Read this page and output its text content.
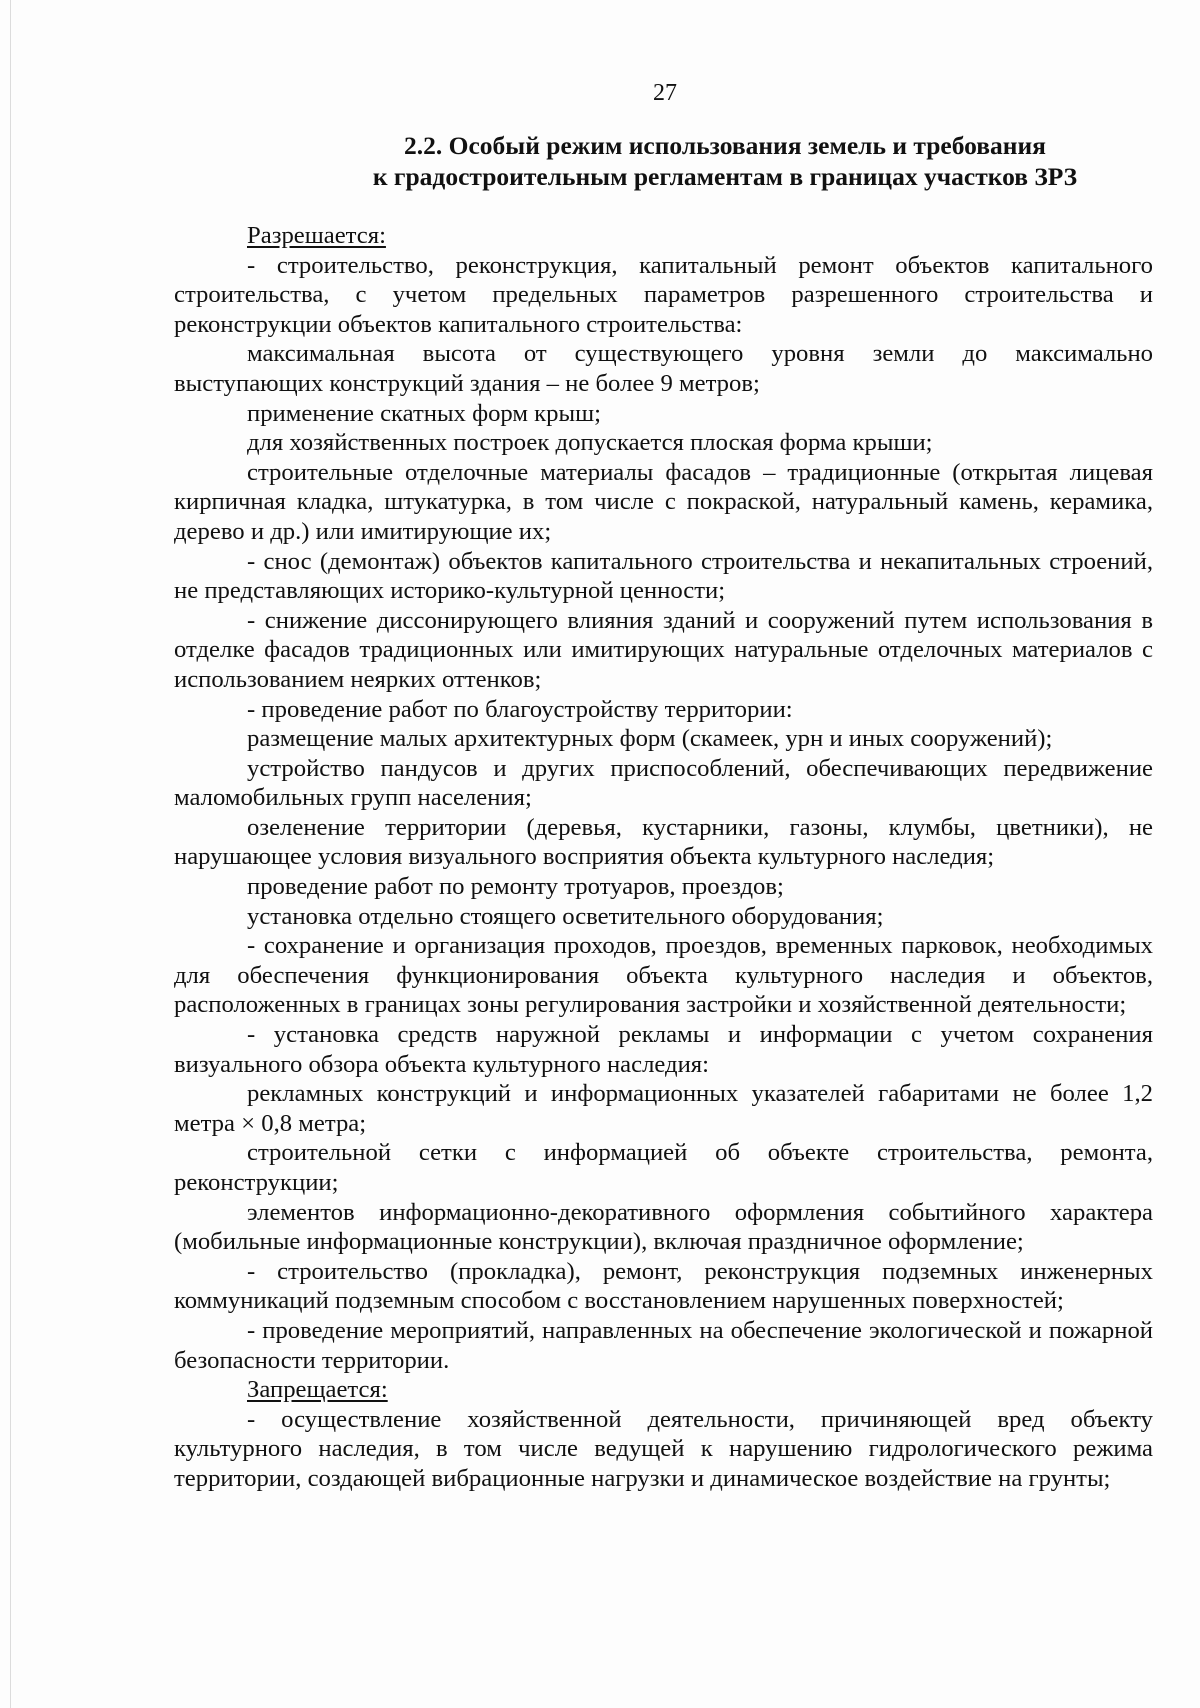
27
2.2. Особый режим использования земель и требования
к градостроительным регламентам в границах участков ЗРЗ

Разрешается:

- строительство, реконструкция, капитальный ремонт объектов капитального строительства, с учетом предельных параметров разрешенного строительства и реконструкции объектов капитального строительства:

максимальная высота от существующего уровня земли до максимально выступающих конструкций здания – не более 9 метров;

применение скатных форм крыш;

для хозяйственных построек допускается плоская форма крыши;

строительные отделочные материалы фасадов – традиционные (открытая лицевая кирпичная кладка, штукатурка, в том числе с покраской, натуральный камень, керамика, дерево и др.) или имитирующие их;

- снос (демонтаж) объектов капитального строительства и некапитальных строений, не представляющих историко-культурной ценности;

- снижение диссонирующего влияния зданий и сооружений путем использования в отделке фасадов традиционных или имитирующих натуральные отделочных материалов с использованием неярких оттенков;

- проведение работ по благоустройству территории:

размещение малых архитектурных форм (скамеек, урн и иных сооружений);

устройство пандусов и других приспособлений, обеспечивающих передвижение маломобильных групп населения;

озеленение территории (деревья, кустарники, газоны, клумбы, цветники), не нарушающее условия визуального восприятия объекта культурного наследия;

проведение работ по ремонту тротуаров, проездов;

установка отдельно стоящего осветительного оборудования;

- сохранение и организация проходов, проездов, временных парковок, необходимых для обеспечения функционирования объекта культурного наследия и объектов, расположенных в границах зоны регулирования застройки и хозяйственной деятельности;

- установка средств наружной рекламы и информации с учетом сохранения визуального обзора объекта культурного наследия:

рекламных конструкций и информационных указателей габаритами не более 1,2 метра × 0,8 метра;

строительной сетки с информацией об объекте строительства, ремонта, реконструкции;

элементов информационно-декоративного оформления событийного характера (мобильные информационные конструкции), включая праздничное оформление;

- строительство (прокладка), ремонт, реконструкция подземных инженерных коммуникаций подземным способом с восстановлением нарушенных поверхностей;

- проведение мероприятий, направленных на обеспечение экологической и пожарной безопасности территории.

Запрещается:

- осуществление хозяйственной деятельности, причиняющей вред объекту культурного наследия, в том числе ведущей к нарушению гидрологического режима территории, создающей вибрационные нагрузки и динамическое воздействие на грунты;
